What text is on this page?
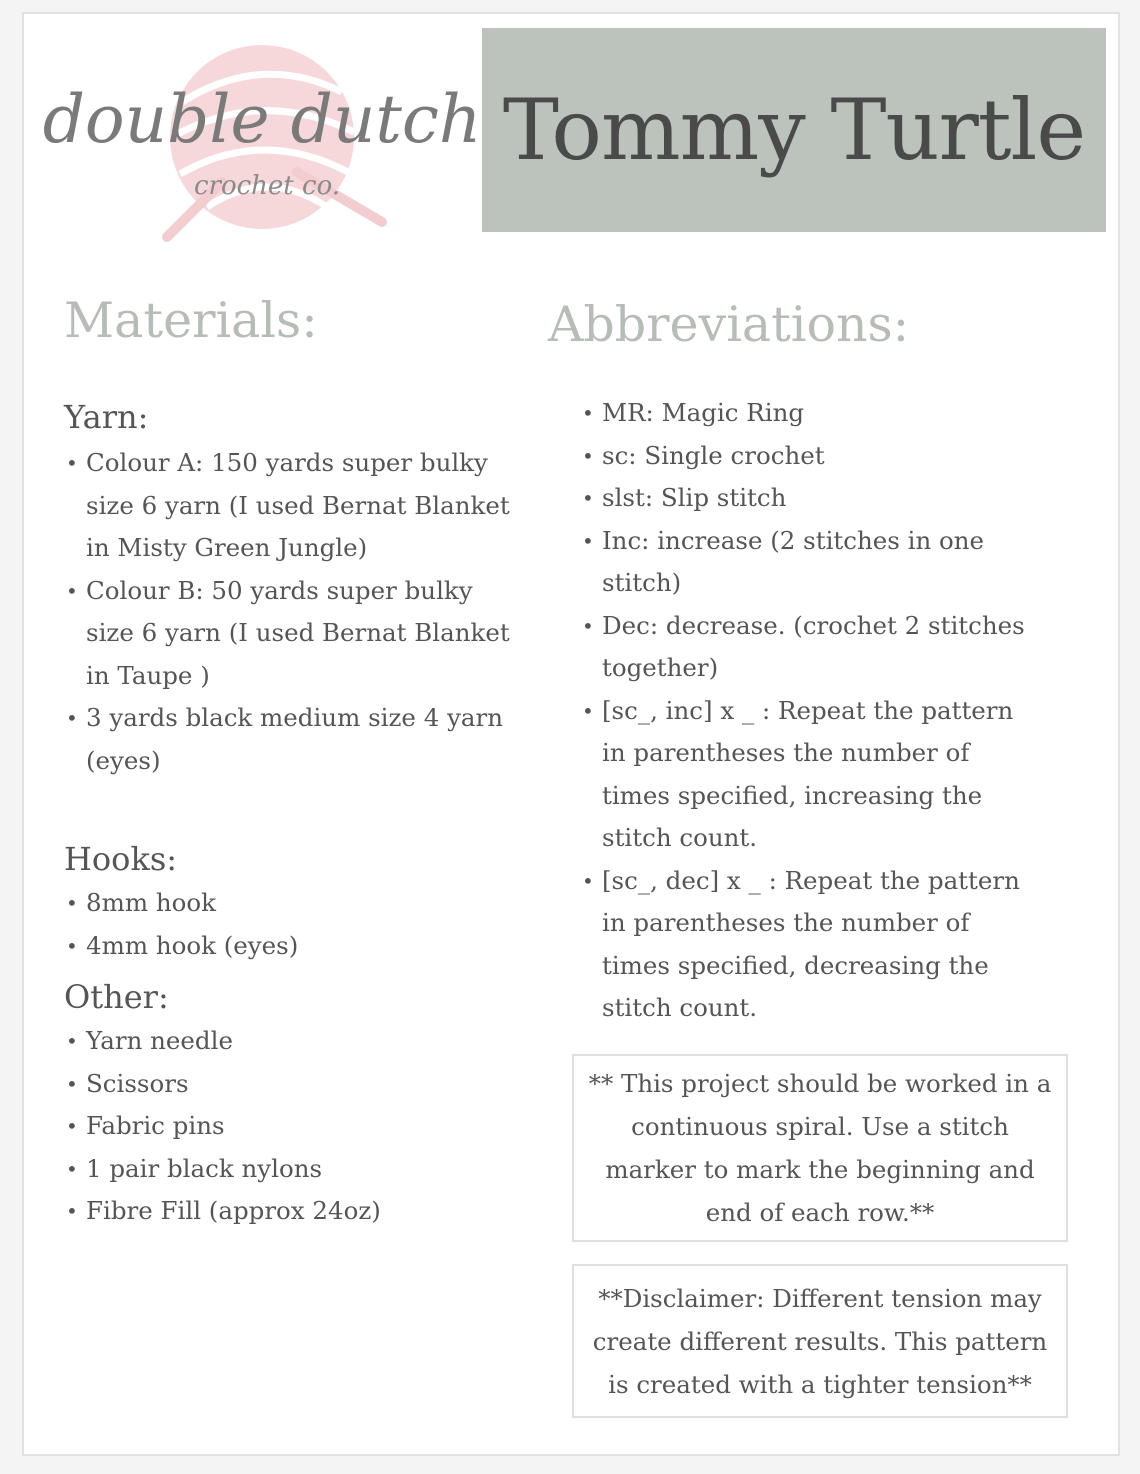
double dutch
crochet co.
Tommy Turtle
Materials:
Yarn:
• Colour A: 150 yards super bulky size 6 yarn (I used Bernat Blanket in Misty Green Jungle)
• Colour B: 50 yards super bulky size 6 yarn (I used Bernat Blanket in Taupe )
• 3 yards black medium size 4 yarn (eyes)
Hooks:
• 8mm hook
• 4mm hook (eyes)
Other:
• Yarn needle
• Scissors
• Fabric pins
• 1 pair black nylons
• Fibre Fill (approx 24oz)
Abbreviations:
• MR: Magic Ring
• sc: Single crochet
• slst: Slip stitch
• Inc: increase (2 stitches in one stitch)
• Dec: decrease. (crochet 2 stitches together)
• [sc_, inc] x _ : Repeat the pattern in parentheses the number of times specified, increasing the stitch count.
• [sc_, dec] x _ : Repeat the pattern in parentheses the number of times specified, decreasing the stitch count.
** This project should be worked in a continuous spiral. Use a stitch marker to mark the beginning and end of each row.**
**Disclaimer: Different tension may create different results. This pattern is created with a tighter tension**
